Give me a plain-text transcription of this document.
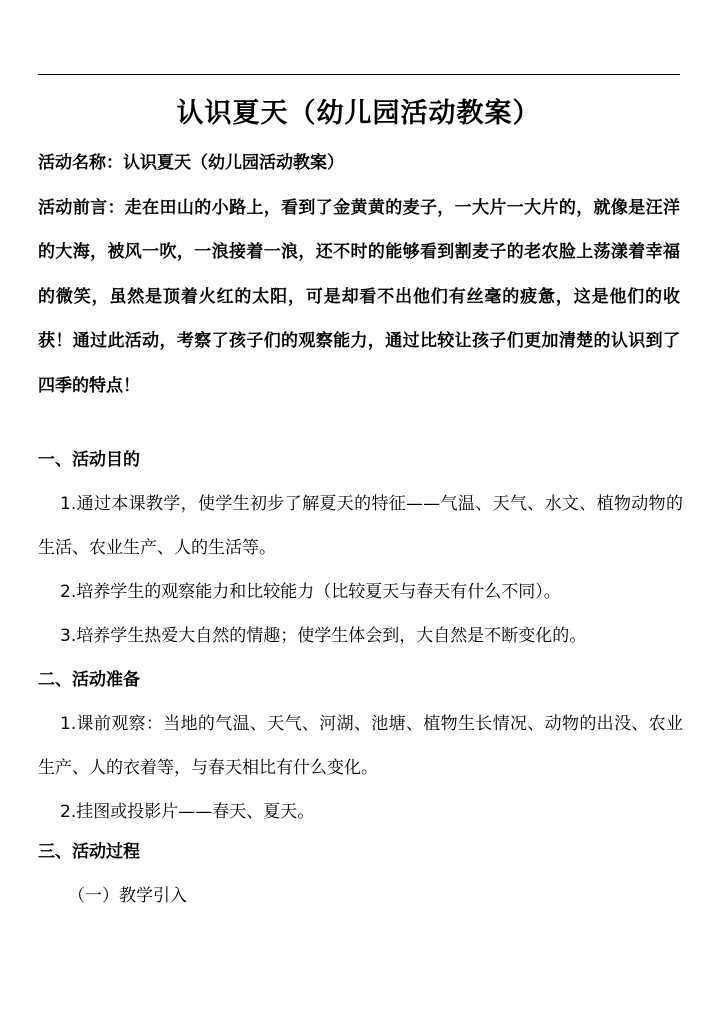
认识夏天（幼儿园活动教案）

活动名称：认识夏天（幼儿园活动教案）

活动前言：走在田山的小路上，看到了金黄黄的麦子，一大片一大片的，就像是汪洋的大海，被风一吹，一浪接着一浪，还不时的能够看到割麦子的老农脸上荡漾着幸福的微笑，虽然是顶着火红的太阳，可是却看不出他们有丝毫的疲惫，这是他们的收获！通过此活动，考察了孩子们的观察能力，通过比较让孩子们更加清楚的认识到了四季的特点！

一、活动目的

1.通过本课教学，使学生初步了解夏天的特征——气温、天气、水文、植物动物的生活、农业生产、人的生活等。

2.培养学生的观察能力和比较能力（比较夏天与春天有什么不同）。

3.培养学生热爱大自然的情趣；使学生体会到，大自然是不断变化的。

二、活动准备

1.课前观察：当地的气温、天气、河湖、池塘、植物生长情况、动物的出没、农业生产、人的衣着等，与春天相比有什么变化。

2.挂图或投影片——春天、夏天。

三、活动过程

（一）教学引入
